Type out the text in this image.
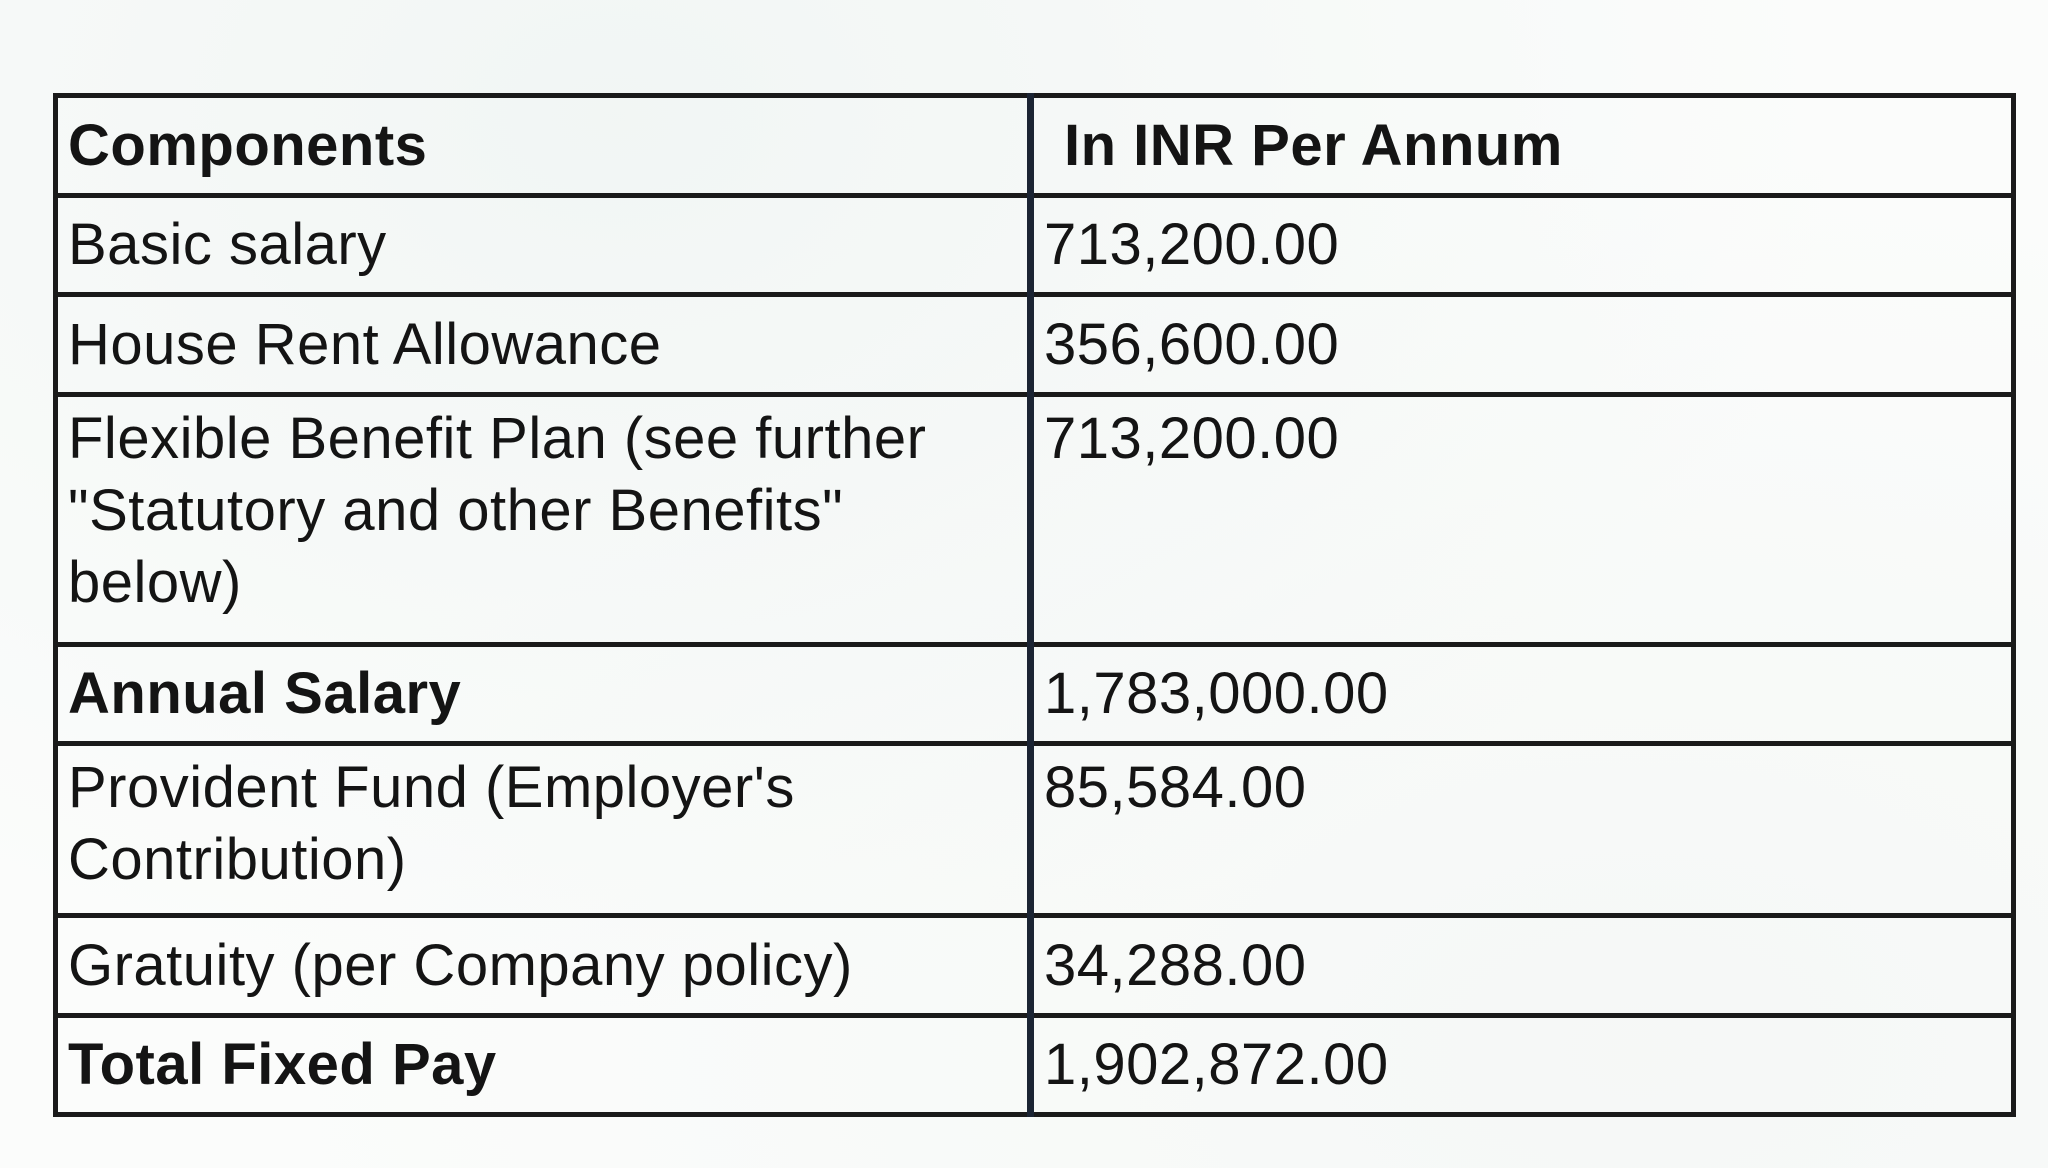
Components	In INR Per Annum
Basic salary	713,200.00
House Rent Allowance	356,600.00
Flexible Benefit Plan (see further "Statutory and other Benefits" below)	713,200.00
Annual Salary	1,783,000.00
Provident Fund (Employer's Contribution)	85,584.00
Gratuity (per Company policy)	34,288.00
Total Fixed Pay	1,902,872.00
